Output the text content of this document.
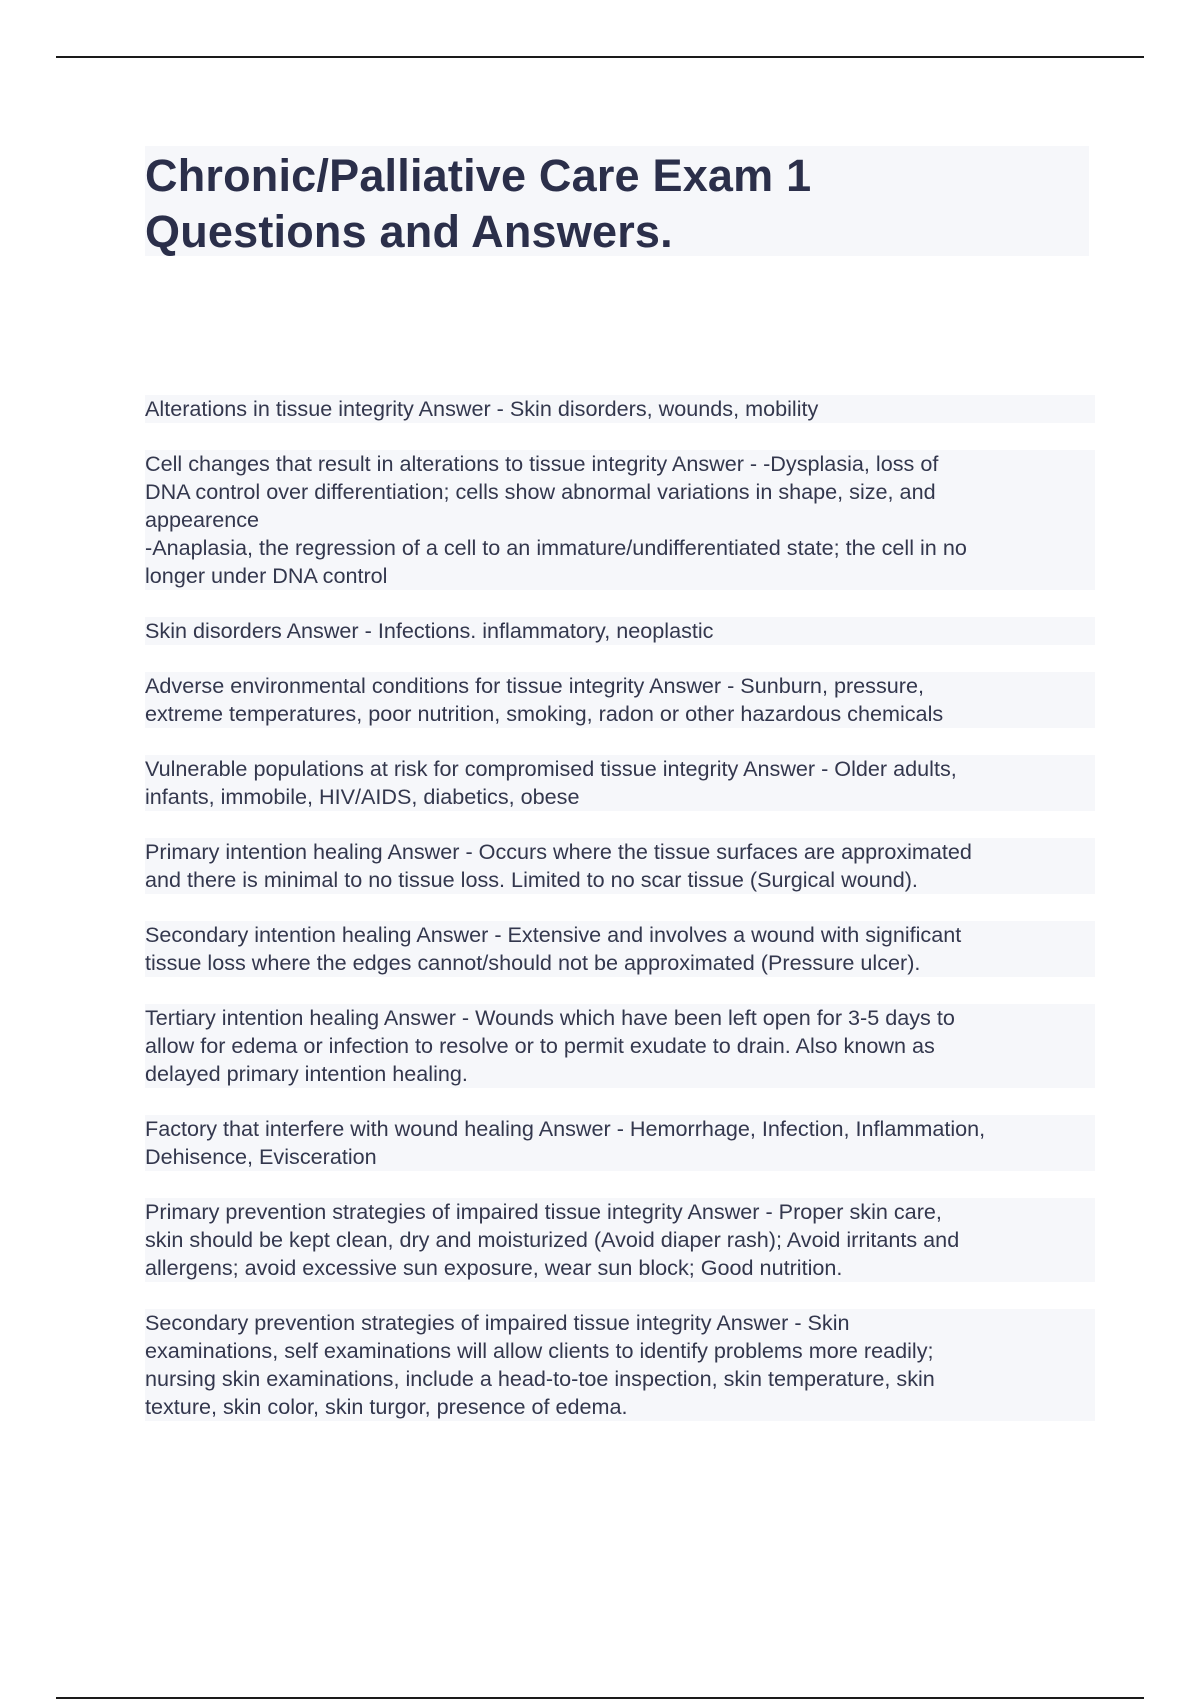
Chronic/Palliative Care Exam 1
Questions and Answers.
Alterations in tissue integrity Answer - Skin disorders, wounds, mobility
Cell changes that result in alterations to tissue integrity Answer - -Dysplasia, loss of
DNA control over differentiation; cells show abnormal variations in shape, size, and
appearence
-Anaplasia, the regression of a cell to an immature/undifferentiated state; the cell in no
longer under DNA control
Skin disorders Answer - Infections. inflammatory, neoplastic
Adverse environmental conditions for tissue integrity Answer - Sunburn, pressure,
extreme temperatures, poor nutrition, smoking, radon or other hazardous chemicals
Vulnerable populations at risk for compromised tissue integrity Answer - Older adults,
infants, immobile, HIV/AIDS, diabetics, obese
Primary intention healing Answer - Occurs where the tissue surfaces are approximated
and there is minimal to no tissue loss. Limited to no scar tissue (Surgical wound).
Secondary intention healing Answer - Extensive and involves a wound with significant
tissue loss where the edges cannot/should not be approximated (Pressure ulcer).
Tertiary intention healing Answer - Wounds which have been left open for 3-5 days to
allow for edema or infection to resolve or to permit exudate to drain. Also known as
delayed primary intention healing.
Factory that interfere with wound healing Answer - Hemorrhage, Infection, Inflammation,
Dehisence, Evisceration
Primary prevention strategies of impaired tissue integrity Answer - Proper skin care,
skin should be kept clean, dry and moisturized (Avoid diaper rash); Avoid irritants and
allergens; avoid excessive sun exposure, wear sun block; Good nutrition.
Secondary prevention strategies of impaired tissue integrity Answer - Skin
examinations, self examinations will allow clients to identify problems more readily;
nursing skin examinations, include a head-to-toe inspection, skin temperature, skin
texture, skin color, skin turgor, presence of edema.
